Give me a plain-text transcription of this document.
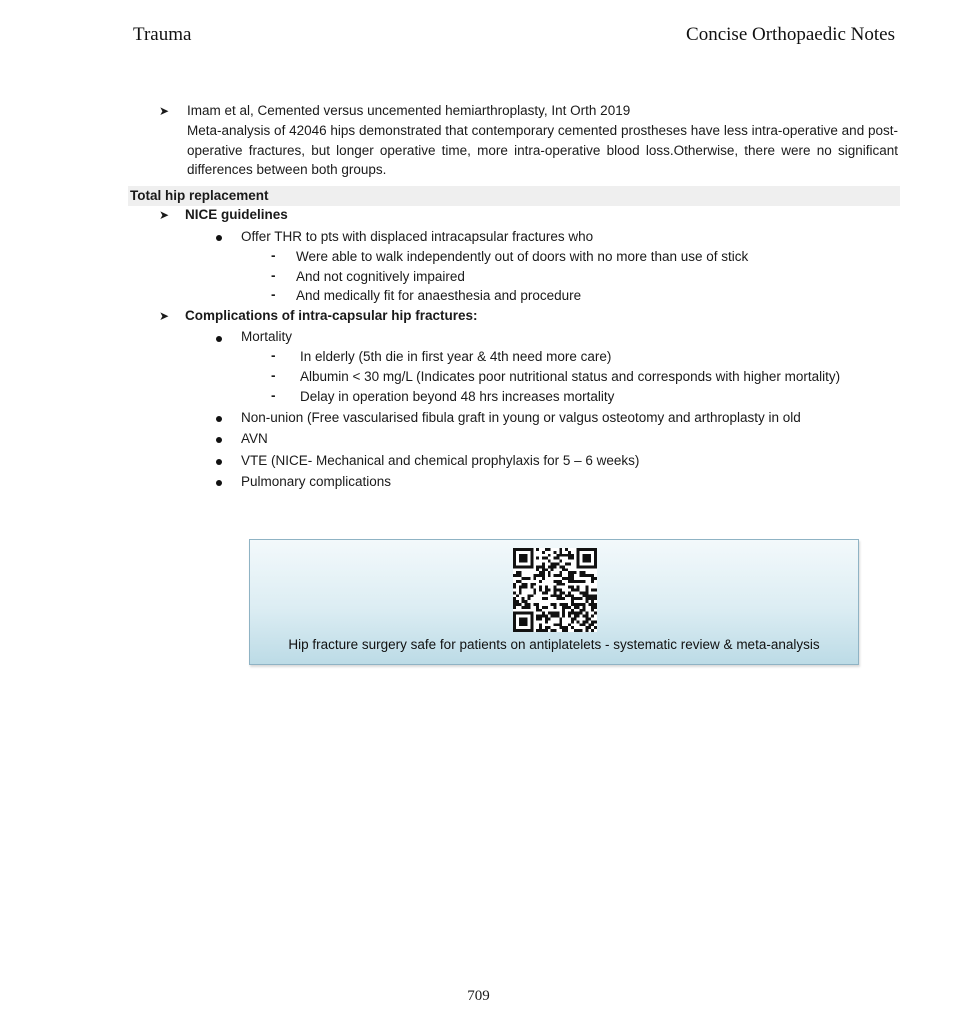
Trauma	Concise Orthopaedic Notes
➤ Imam et al, Cemented versus uncemented hemiarthroplasty, Int Orth 2019
Meta-analysis of 42046 hips demonstrated that contemporary cemented prostheses have less intra-operative and post-operative fractures, but longer operative time, more intra-operative blood loss.Otherwise, there were no significant differences between both groups.
Total hip replacement
➤ NICE guidelines
Offer THR to pts with displaced intracapsular fractures who
- Were able to walk independently out of doors with no more than use of stick
- And not cognitively impaired
- And medically fit for anaesthesia and procedure
➤ Complications of intra-capsular hip fractures:
Mortality
- In elderly (5th die in first year & 4th need more care)
- Albumin < 30 mg/L (Indicates poor nutritional status and corresponds with higher mortality)
- Delay in operation beyond 48 hrs increases mortality
Non-union (Free vascularised fibula graft in young or valgus osteotomy and arthroplasty in old
AVN
VTE (NICE- Mechanical and chemical prophylaxis for 5 – 6 weeks)
Pulmonary complications
Hip fracture surgery safe for patients on antiplatelets - systematic review & meta-analysis
709
